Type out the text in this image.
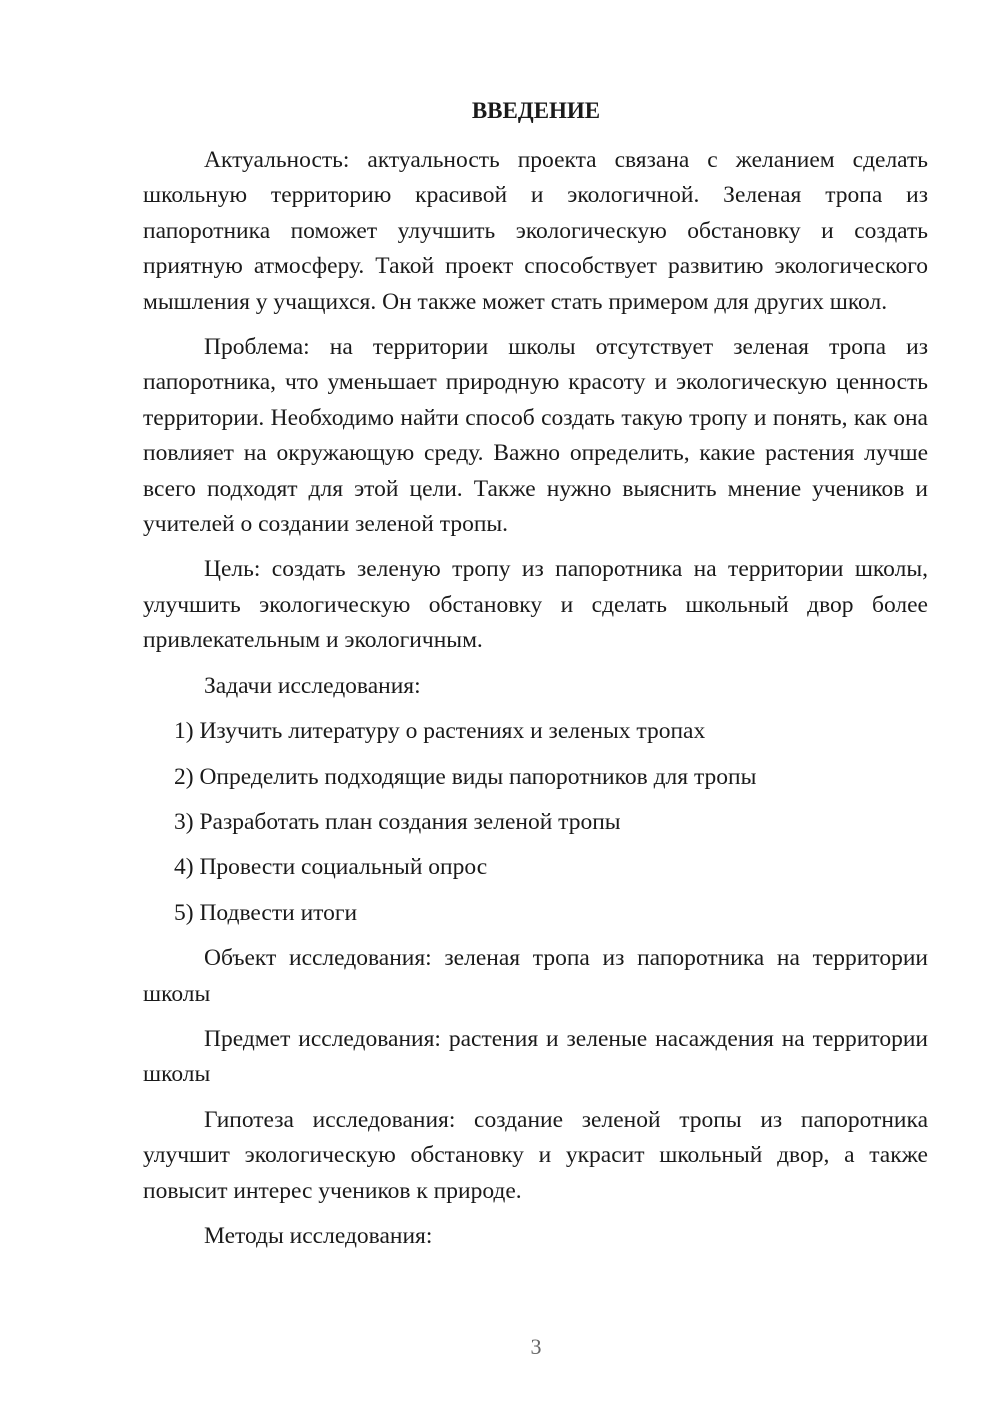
ВВЕДЕНИЕ

Актуальность: актуальность проекта связана с желанием сделать школьную территорию красивой и экологичной. Зеленая тропа из папоротника поможет улучшить экологическую обстановку и создать приятную атмосферу. Такой проект способствует развитию экологического мышления у учащихся. Он также может стать примером для других школ.

Проблема: на территории школы отсутствует зеленая тропа из папоротника, что уменьшает природную красоту и экологическую ценность территории. Необходимо найти способ создать такую тропу и понять, как она повлияет на окружающую среду. Важно определить, какие растения лучше всего подходят для этой цели. Также нужно выяснить мнение учеников и учителей о создании зеленой тропы.

Цель: создать зеленую тропу из папоротника на территории школы, улучшить экологическую обстановку и сделать школьный двор более привлекательным и экологичным.

Задачи исследования:

1) Изучить литературу о растениях и зеленых тропах
2) Определить подходящие виды папоротников для тропы
3) Разработать план создания зеленой тропы
4) Провести социальный опрос
5) Подвести итоги

Объект исследования: зеленая тропа из папоротника на территории школы

Предмет исследования: растения и зеленые насаждения на территории школы

Гипотеза исследования: создание зеленой тропы из папоротника улучшит экологическую обстановку и украсит школьный двор, а также повысит интерес учеников к природе.

Методы исследования:

3
